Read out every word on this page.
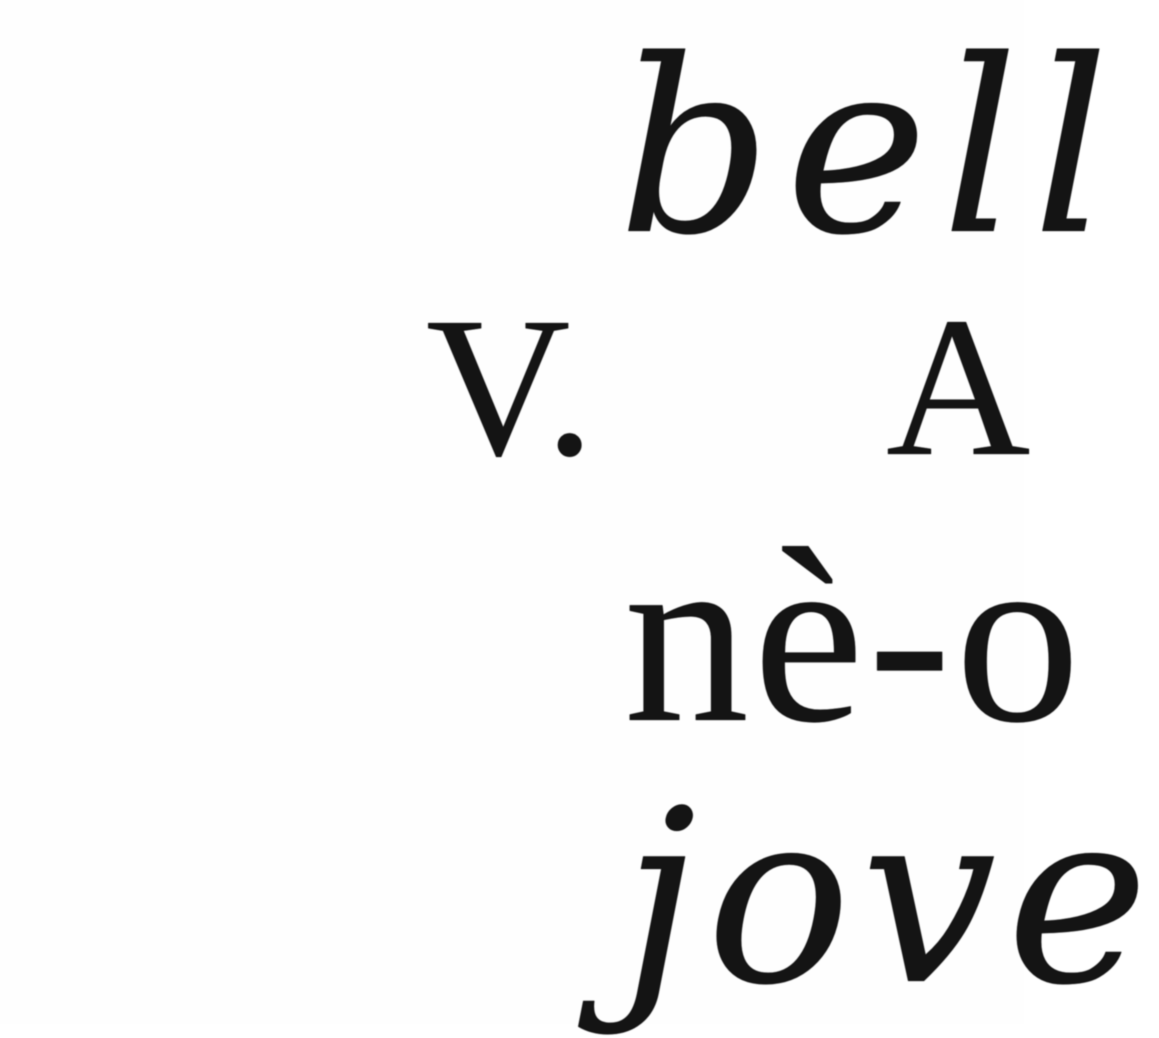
bell
V. A
nè-o
jove
